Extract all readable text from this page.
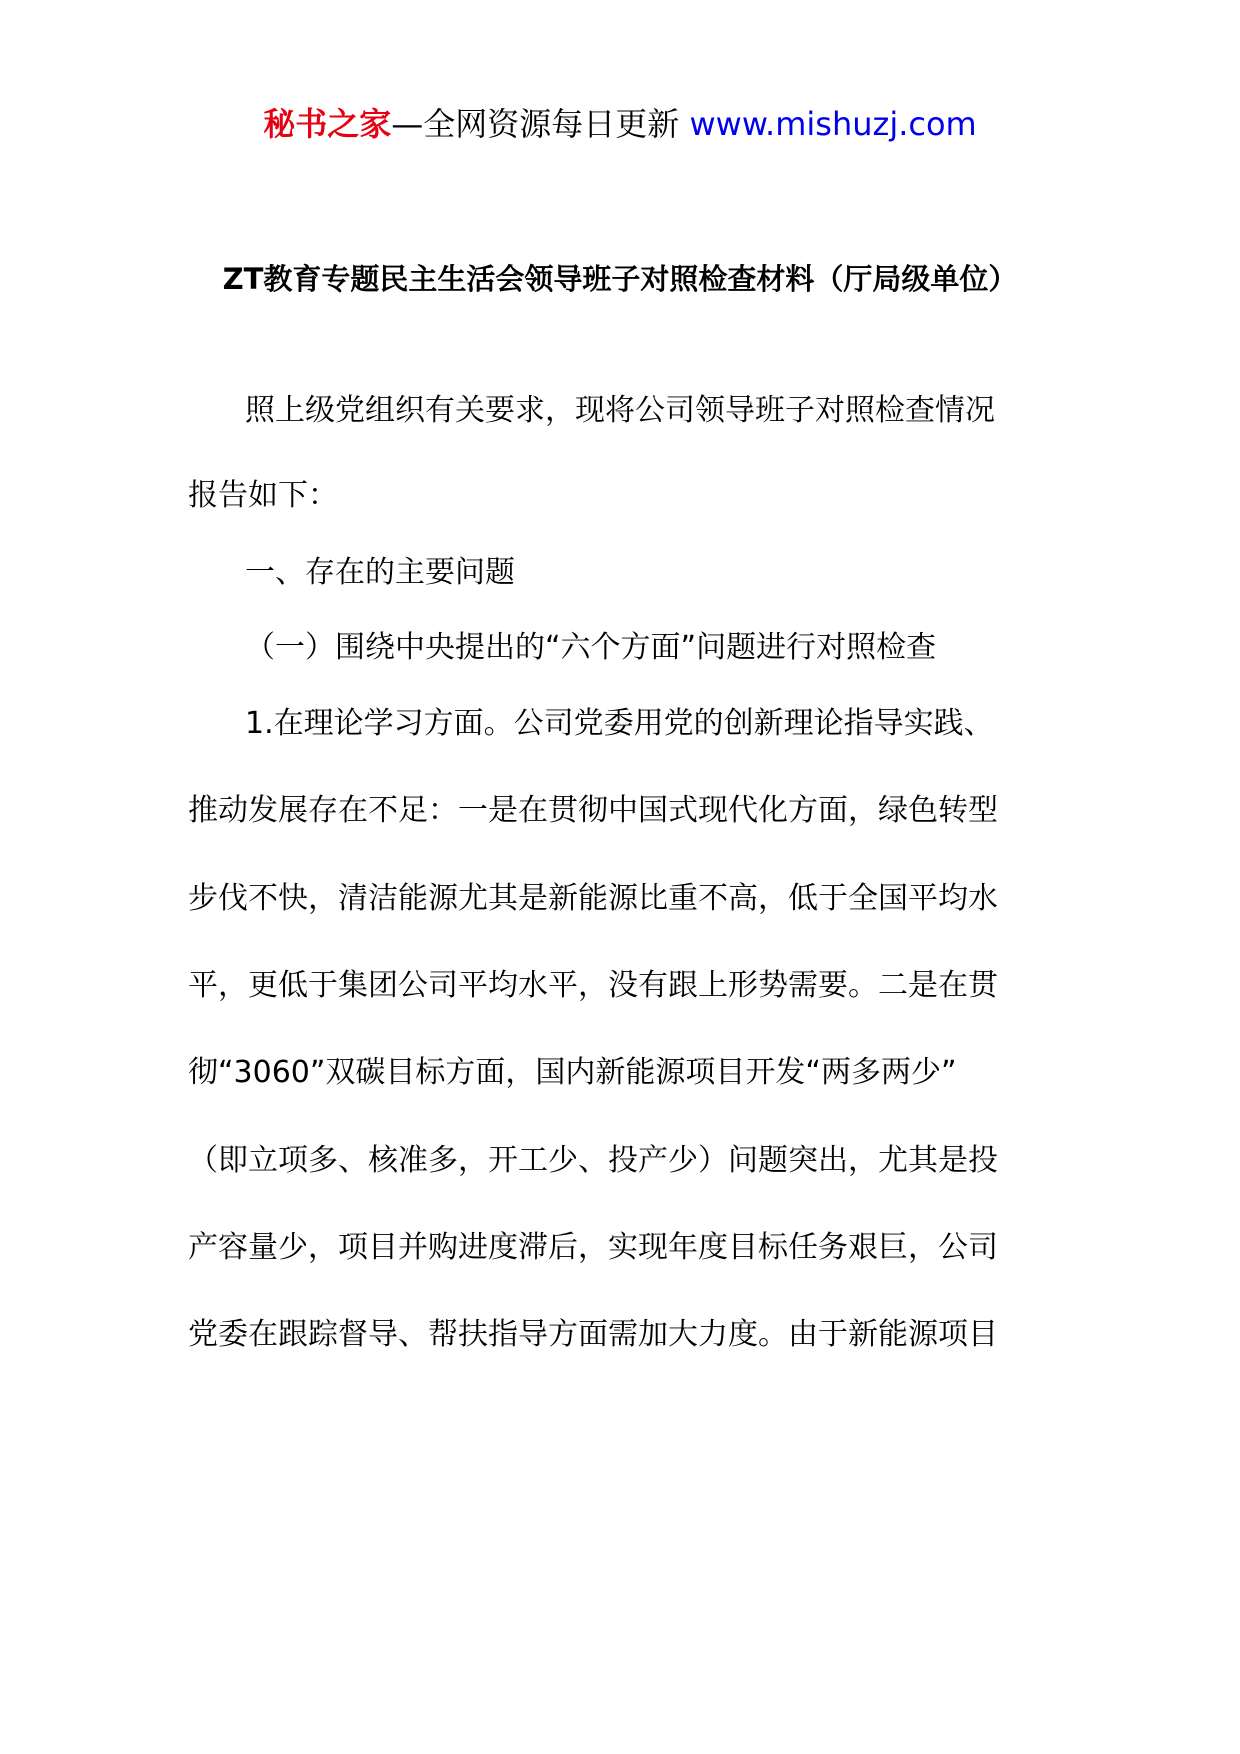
秘书之家—全网资源每日更新 www.mishuzj.com
ZT教育专题民主生活会领导班子对照检查材料（厅局级单位）
照上级党组织有关要求，现将公司领导班子对照检查情况
报告如下：
一、存在的主要问题
（一）围绕中央提出的“六个方面”问题进行对照检查
1.在理论学习方面。公司党委用党的创新理论指导实践、
推动发展存在不足：一是在贯彻中国式现代化方面，绿色转型
步伐不快，清洁能源尤其是新能源比重不高，低于全国平均水
平，更低于集团公司平均水平，没有跟上形势需要。二是在贯
彻“3060”双碳目标方面，国内新能源项目开发“两多两少”
（即立项多、核准多，开工少、投产少）问题突出，尤其是投
产容量少，项目并购进度滞后，实现年度目标任务艰巨，公司
党委在跟踪督导、帮扶指导方面需加大力度。由于新能源项目
